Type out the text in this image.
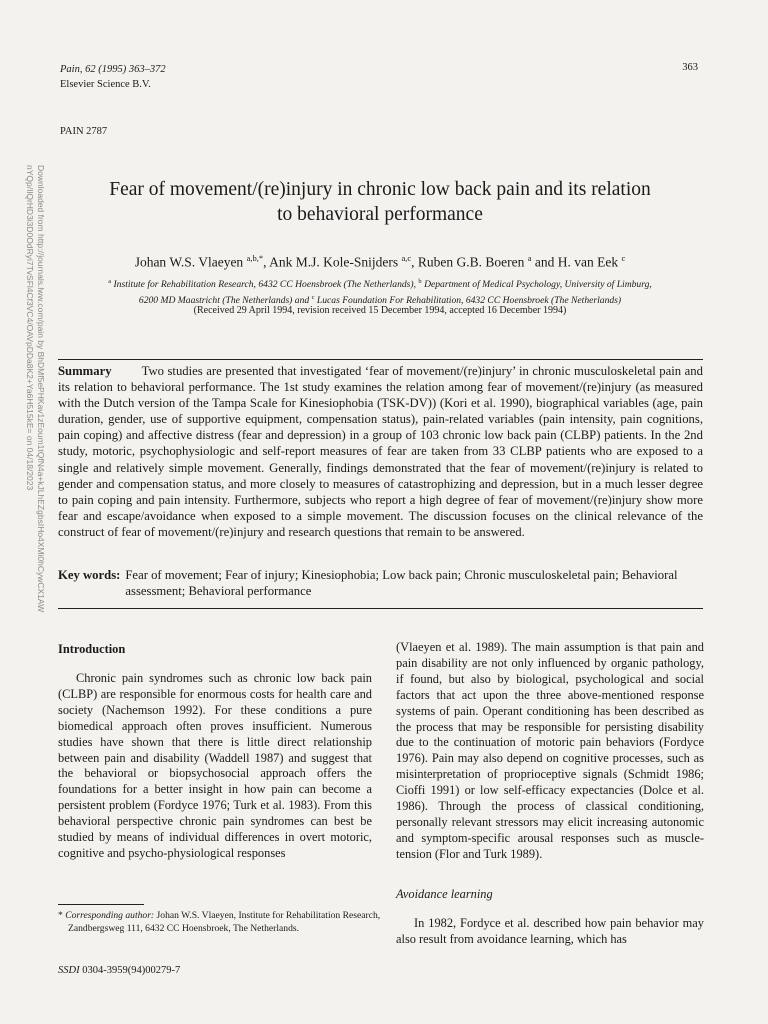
Pain, 62 (1995) 363–372
Elsevier Science B.V.
363
PAIN 2787
Downloaded from http://journals.lww.com/pain by BhDMf5ePHKav1zEoum1tQfN4a+kJLhEZgbsIHo4XMi0hCywCX1AW
nYQp/IlQrHD3i3D0OdRyi7TvSFl4Cf3VC4/OAVpDDa8K2+Ya6H515kE= on 04/18/2023	Fear of movement/(re)injury in chronic low back pain and its relation
to behavioral performance
Johan W.S. Vlaeyen $^{a,b,*}$, Ank M.J. Kole-Snijders $^{a,c}$, Ruben G.B. Boeren $^a$ and H. van Eek $^c$
$^a$ Institute for Rehabilitation Research, 6432 CC Hoensbroek (The Netherlands), $^b$ Department of Medical Psychology, University of Limburg,
6200 MD Maastricht (The Netherlands) and $^c$ Lucas Foundation For Rehabilitation, 6432 CC Hoensbroek (The Netherlands)
(Received 29 April 1994, revision received 15 December 1994, accepted 16 December 1994)
Summary Two studies are presented that investigated ‘fear of movement/(re)injury’ in chronic musculoskeletal pain and its relation to behavioral performance. The 1st study examines the relation among fear of movement/(re)injury (as measured with the Dutch version of the Tampa Scale for Kinesiophobia (TSK-DV)) (Kori et al. 1990), biographical variables (age, pain duration, gender, use of supportive equipment, compensation status), pain-related variables (pain intensity, pain cognitions, pain coping) and affective distress (fear and depression) in a group of 103 chronic low back pain (CLBP) patients. In the 2nd study, motoric, psychophysiologic and self-report measures of fear are taken from 33 CLBP patients who are exposed to a single and relatively simple movement. Generally, findings demonstrated that the fear of movement/(re)injury is related to gender and compensation status, and more closely to measures of catastrophizing and depression, but in a much lesser degree to pain coping and pain intensity. Furthermore, subjects who report a high degree of fear of movement/(re)injury show more fear and escape/avoidance when exposed to a simple movement. The discussion focuses on the clinical relevance of the construct of fear of movement/(re)injury and research questions that remain to be answered.
Key words: Fear of movement; Fear of injury; Kinesiophobia; Low back pain; Chronic musculoskeletal pain; Behavioral assessment; Behavioral performance
Introduction

Chronic pain syndromes such as chronic low back pain (CLBP) are responsible for enormous costs for health care and society (Nachemson 1992). For these conditions a pure biomedical approach often proves insufficient. Numerous studies have shown that there is little direct relationship between pain and disability (Waddell 1987) and suggest that the behavioral or biopsychosocial approach offers the foundations for a better insight in how pain can become a persistent problem (Fordyce 1976; Turk et al. 1983). From this behavioral perspective chronic pain syndromes can best be studied by means of individual differences in overt motoric, cognitive and psycho-physiological responses

(Vlaeyen et al. 1989). The main assumption is that pain and pain disability are not only influenced by organic pathology, if found, but also by biological, psychological and social factors that act upon the three above-mentioned response systems of pain. Operant conditioning has been described as the process that may be responsible for persisting disability due to the continuation of motoric pain behaviors (Fordyce 1976). Pain may also depend on cognitive processes, such as misinterpretation of proprioceptive signals (Schmidt 1986; Cioffi 1991) or low self-efficacy expectancies (Dolce et al. 1986). Through the process of classical conditioning, personally relevant stressors may elicit increasing autonomic and symptom-specific arousal responses such as muscle-tension (Flor and Turk 1989).

Avoidance learning

In 1982, Fordyce et al. described how pain behavior may also result from avoidance learning, which has

* Corresponding author: Johan W.S. Vlaeyen, Institute for Rehabilitation Research, Zandbergsweg 111, 6432 CC Hoensbroek, The Netherlands.
SSDI 0304-3959(94)00279-7
